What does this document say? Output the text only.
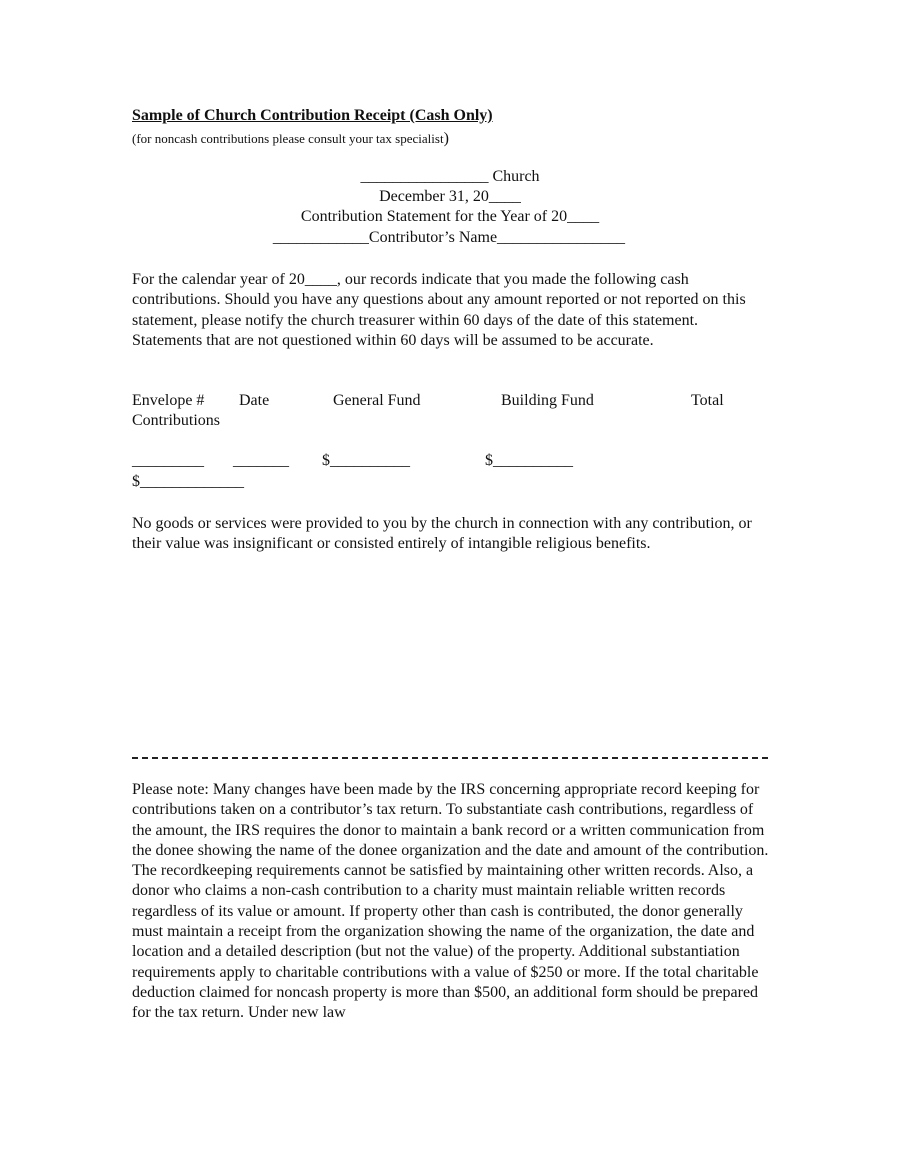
Sample of Church Contribution Receipt (Cash Only)
(for noncash contributions please consult your tax specialist)
________________ Church
December 31, 20____
Contribution Statement for the Year of 20____
____________Contributor’s Name________________

For the calendar year of 20____, our records indicate that you made the following cash contributions. Should you have any questions about any amount reported or not reported on this statement, please notify the church treasurer within 60 days of the date of this statement. Statements that are not questioned within 60 days will be assumed to be accurate.

Envelope # Date	General Fund	Building Fund	Total
Contributions
_________ _______ $__________	$__________
$_____________

No goods or services were provided to you by the church in connection with any contribution, or their value was insignificant or consisted entirely of intangible religious benefits.

Please note: Many changes have been made by the IRS concerning appropriate record keeping for contributions taken on a contributor’s tax return. To substantiate cash contributions, regardless of the amount, the IRS requires the donor to maintain a bank record or a written communication from the donee showing the name of the donee organization and the date and amount of the contribution. The recordkeeping requirements cannot be satisfied by maintaining other written records. Also, a donor who claims a non-cash contribution to a charity must maintain reliable written records regardless of its value or amount. If property other than cash is contributed, the donor generally must maintain a receipt from the organization showing the name of the organization, the date and location and a detailed description (but not the value) of the property. Additional substantiation requirements apply to charitable contributions with a value of $250 or more. If the total charitable deduction claimed for noncash property is more than $500, an additional form should be prepared for the tax return. Under new law
